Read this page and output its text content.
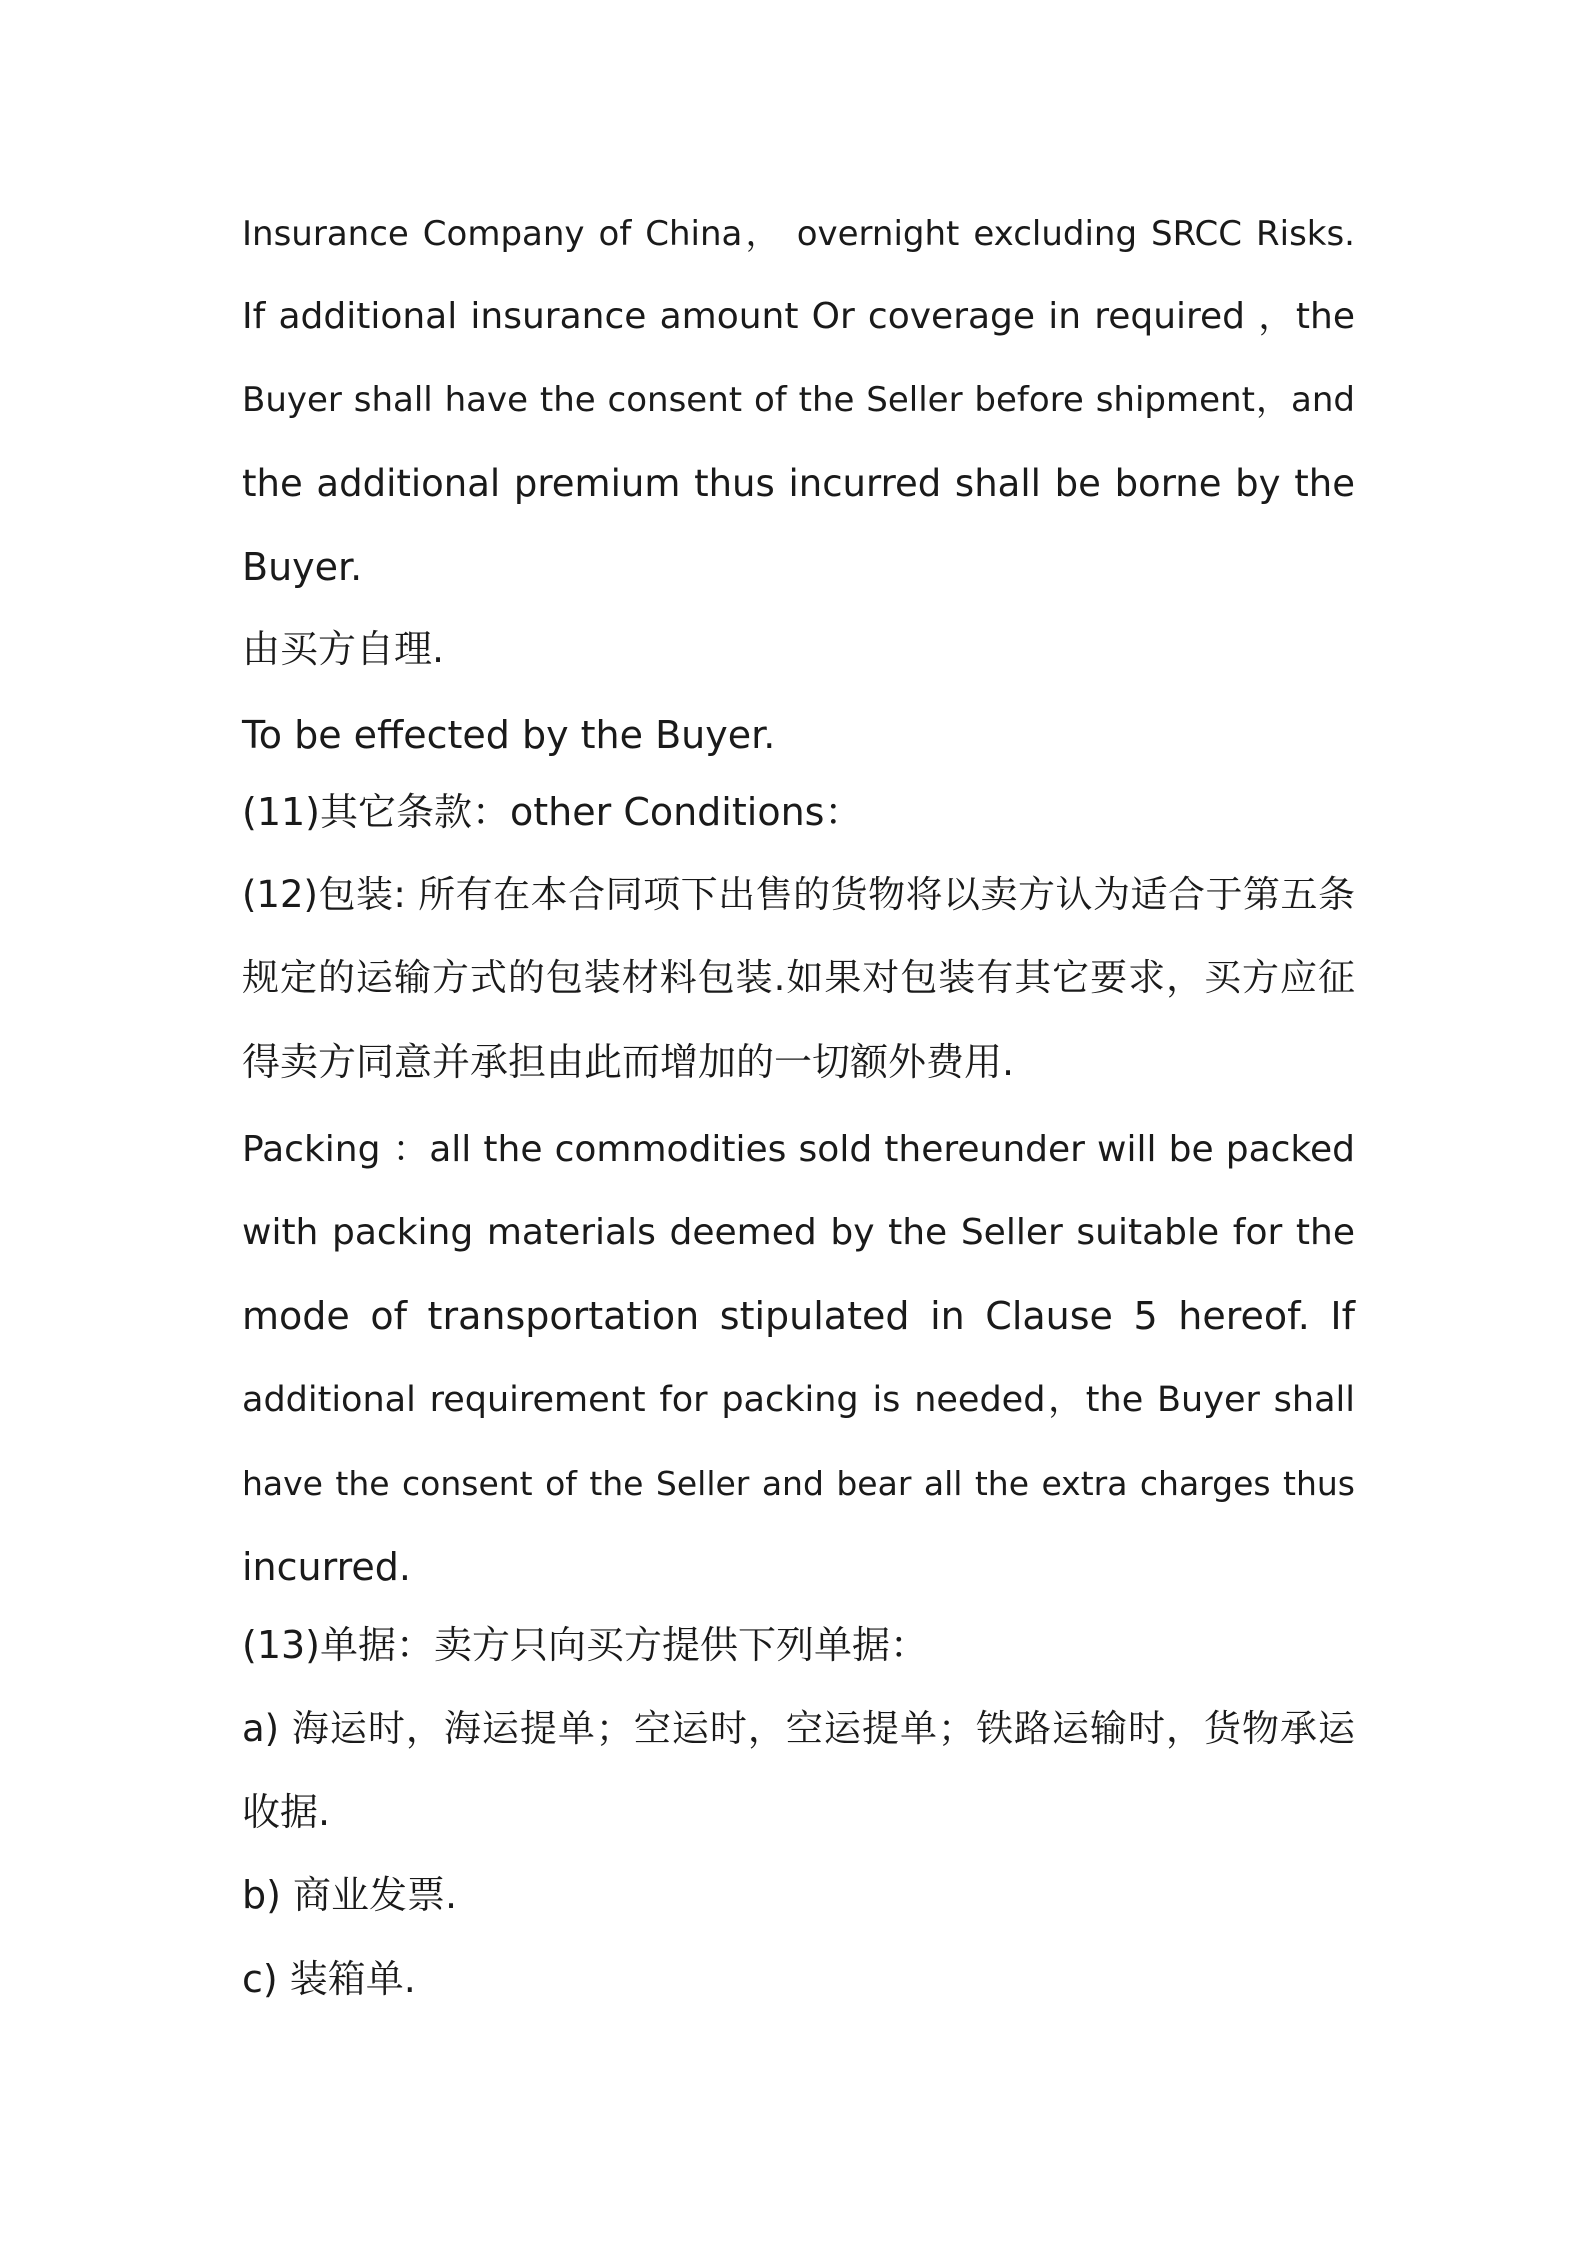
Insurance Company of China， overnight excluding SRCC Risks.
If additional insurance amount Or coverage in required ，the
Buyer shall have the consent of the Seller before shipment，and
the additional premium thus incurred shall be borne by the
Buyer.
由买方自理.
To be effected by the Buyer.
(11)其它条款：other Conditions：
(12)包装: 所有在本合同项下出售的货物将以卖方认为适合于第五条
规定的运输方式的包装材料包装.如果对包装有其它要求，买方应征
得卖方同意并承担由此而增加的一切额外费用.
Packing ：all the commodities sold thereunder will be packed
with packing materials deemed by the Seller suitable for the
mode of transportation stipulated in Clause 5 hereof. If
additional requirement for packing is needed，the Buyer shall
have the consent of the Seller and bear all the extra charges thus
incurred.
(13)单据：卖方只向买方提供下列单据：
a) 海运时，海运提单；空运时，空运提单；铁路运输时，货物承运
收据.
b) 商业发票.
c) 装箱单.
